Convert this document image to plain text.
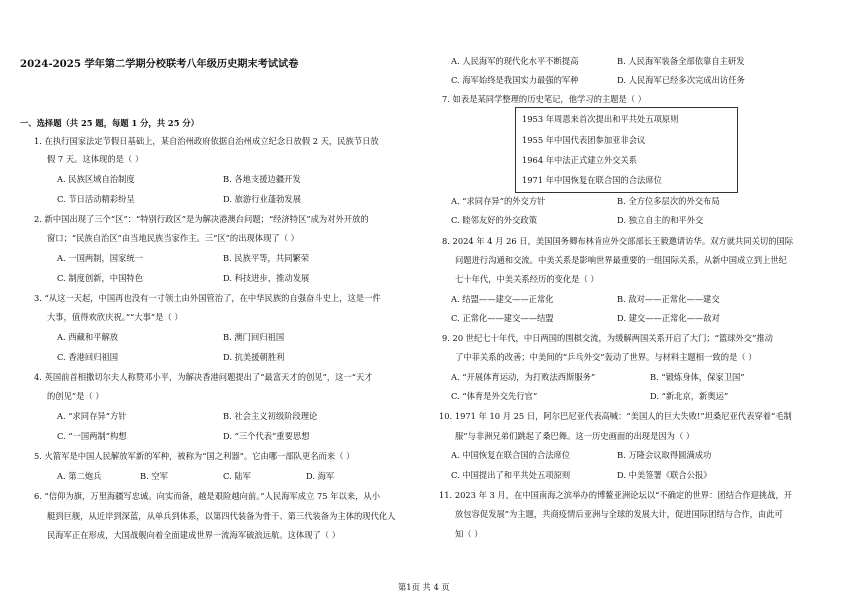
2024-2025 学年第二学期分校联考八年级历史期末考试试卷
一、选择题（共 25 题，每题 1 分，共 25 分）
1. 在执行国家法定节假日基础上，某自治州政府依据自治州成立纪念日放假 2 天，民族节日放
假 7 天。这体现的是（ ）
A. 民族区域自治制度	B. 各地支援边疆开发
C. 节日活动精彩纷呈	D. 旅游行业蓬勃发展
2. 新中国出现了三个“区”：“特别行政区”是为解决港澳台问题；“经济特区”成为对外开放的
窗口；“民族自治区”由当地民族当家作主。三“区”的出现体现了（ ）
A. 一国两制，国家统一	B. 民族平等，共同繁荣
C. 制度创新，中国特色	D. 科技进步，推动发展
3. “从这一天起，中国再也没有一寸领土由外国管治了，在中华民族的自强奋斗史上，这是一件
大事，值得欢欣庆祝。”“大事”是（ ）
A. 西藏和平解放	B. 澳门回归祖国
C. 香港回归祖国	D. 抗美援朝胜利
4. 英国前首相撒切尔夫人称赞邓小平，为解决香港问题提出了“最富天才的创见”，这一“天才
的创见”是（ ）
A. “求同存异”方针	B. 社会主义初级阶段理论
C. “一国两制”构想	D. “三个代表”重要思想
5. 火箭军是中国人民解放军新的军种，被称为“国之利器”。它由哪一部队更名而来（ ）
A. 第二炮兵	B. 空军	C. 陆军	D. 海军
6. “信仰为旗，万里海疆写忠诚。向实而备，越是艰险越向前。”人民海军成立 75 年以来，从小
艇到巨舰，从近岸到深蓝，从单兵到体系，以第四代装备为骨干、第三代装备为主体的现代化人
民海军正在形成，大国战舰向着全面建成世界一流海军破浪远航。这体现了（ ）
A. 人民海军的现代化水平不断提高	B. 人民海军装备全部依靠自主研发
C. 海军始终是我国实力最强的军种	D. 人民海军已经多次完成出访任务
7. 如表是某同学整理的历史笔记，他学习的主题是（ ）
1953 年周恩来首次提出和平共处五项原则
1955 年中国代表团参加亚非会议
1964 年中法正式建立外交关系
1971 年中国恢复在联合国的合法席位
A. “求同存异”的外交方针	B. 全方位多层次的外交布局
C. 睦邻友好的外交政策	D. 独立自主的和平外交
8. 2024 年 4 月 26 日，美国国务卿布林肯应外交部部长王毅邀请访华。双方就共同关切的国际
问题进行沟通和交流。中美关系是影响世界最重要的一组国际关系，从新中国成立到上世纪
七十年代，中美关系经历的变化是（ ）
A. 结盟——建交——正常化	B. 敌对——正常化——建交
C. 正常化——建交——结盟	D. 建交——正常化——敌对
9. 20 世纪七十年代，中日两国的围棋交流，为缓解两国关系开启了大门；“篮球外交”推动
了中菲关系的改善；中美间的“乒乓外交”轰动了世界。与材料主题相一致的是（ ）
A. “开展体育运动，为打败法西斯服务”	B. “锻炼身体，保家卫国”
C. “体育是外交先行官”	D. “新北京，新奥运”
10. 1971 年 10 月 25 日，阿尔巴尼亚代表高喊：“美国人的巨大失败!”坦桑尼亚代表穿着“毛制
服”与非洲兄弟们跳起了桑巴舞。这一历史画面的出现是因为（ ）
A. 中国恢复在联合国的合法席位	B. 万隆会议取得圆满成功
C. 中国提出了和平共处五项原则	D. 中美签署《联合公报》
11. 2023 年 3 月，在中国南海之滨举办的博鳌亚洲论坛以“不确定的世界：团结合作迎挑战，开
放包容促发展”为主题，共商疫情后亚洲与全球的发展大计，促进国际团结与合作，由此可
知（ ）
第1页 共 4 页
